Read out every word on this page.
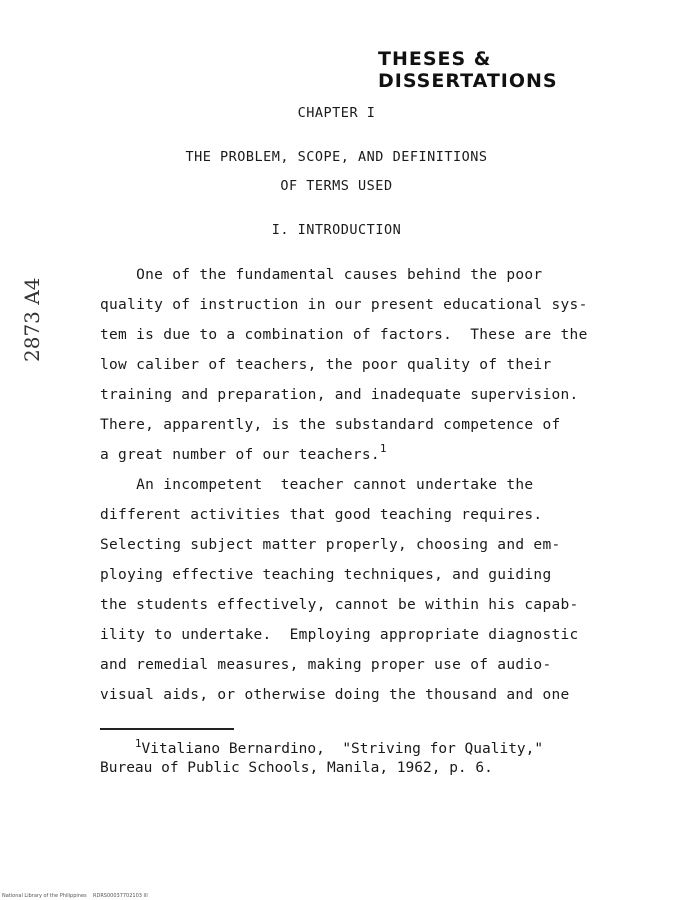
THESES & DISSERTATIONS
CHAPTER I
THE PROBLEM, SCOPE, AND DEFINITIONS
OF TERMS USED
I. INTRODUCTION
One of the fundamental causes behind the poor
quality of instruction in our present educational sys-
tem is due to a combination of factors.  These are the
low caliber of teachers, the poor quality of their
training and preparation, and inadequate supervision.
There, apparently, is the substandard competence of
a great number of our teachers.$^1$
An incompetent  teacher cannot undertake the
different activities that good teaching requires.
Selecting subject matter properly, choosing and em-
ploying effective teaching techniques, and guiding
the students effectively, cannot be within his capab-
ility to undertake.  Employing appropriate diagnostic
and remedial measures, making proper use of audio-
visual aids, or otherwise doing the thousand and one
$^1$Vitaliano Bernardino,  "Striving for Quality,"
Bureau of Public Schools, Manila, 1962, p. 6.
2873 A4
National Library of the Philippines    RDRS00037702103 lll
